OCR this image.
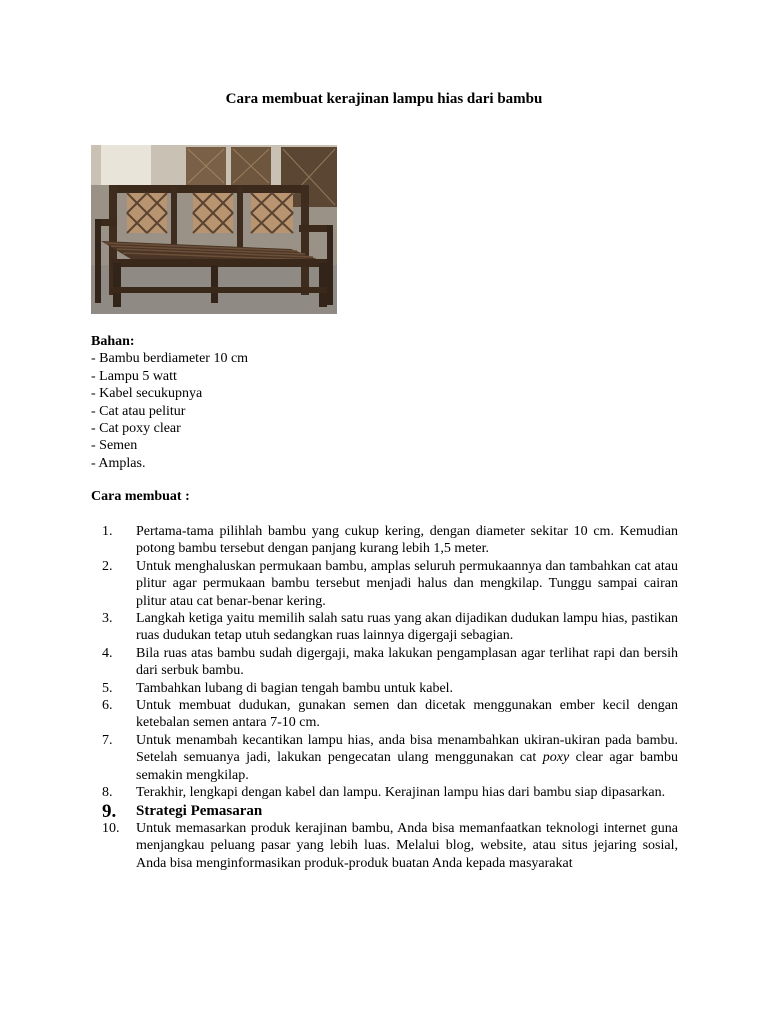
Cara membuat kerajinan lampu hias dari bambu
Bahan:
- Bambu berdiameter 10 cm
- Lampu 5 watt
- Kabel secukupnya
- Cat atau pelitur
- Cat poxy clear
- Semen
- Amplas.
Cara membuat :
1.	Pertama-tama pilihlah bambu yang cukup kering, dengan diameter sekitar 10 cm. Kemudian potong bambu tersebut dengan panjang kurang lebih 1,5 meter.
2.	Untuk menghaluskan permukaan bambu, amplas seluruh permukaannya dan tambahkan cat atau plitur agar permukaan bambu tersebut menjadi halus dan mengkilap. Tunggu sampai cairan plitur atau cat benar-benar kering.
3.	Langkah ketiga yaitu memilih salah satu ruas yang akan dijadikan dudukan lampu hias, pastikan ruas dudukan tetap utuh sedangkan ruas lainnya digergaji sebagian.
4.	Bila ruas atas bambu sudah digergaji, maka lakukan pengamplasan agar terlihat rapi dan bersih dari serbuk bambu.
5.	Tambahkan lubang di bagian tengah bambu untuk kabel.
6.	Untuk membuat dudukan, gunakan semen dan dicetak menggunakan ember kecil dengan ketebalan semen antara 7-10 cm.
7.	Untuk menambah kecantikan lampu hias, anda bisa menambahkan ukiran-ukiran pada bambu. Setelah semuanya jadi, lakukan pengecatan ulang menggunakan cat poxy clear agar bambu semakin mengkilap.
8.	Terakhir, lengkapi dengan kabel dan lampu. Kerajinan lampu hias dari bambu siap dipasarkan.
9.	Strategi Pemasaran
10.	Untuk memasarkan produk kerajinan bambu, Anda bisa memanfaatkan teknologi internet guna menjangkau peluang pasar yang lebih luas. Melalui blog, website, atau situs jejaring sosial, Anda bisa menginformasikan produk-produk buatan Anda kepada masyarakat
